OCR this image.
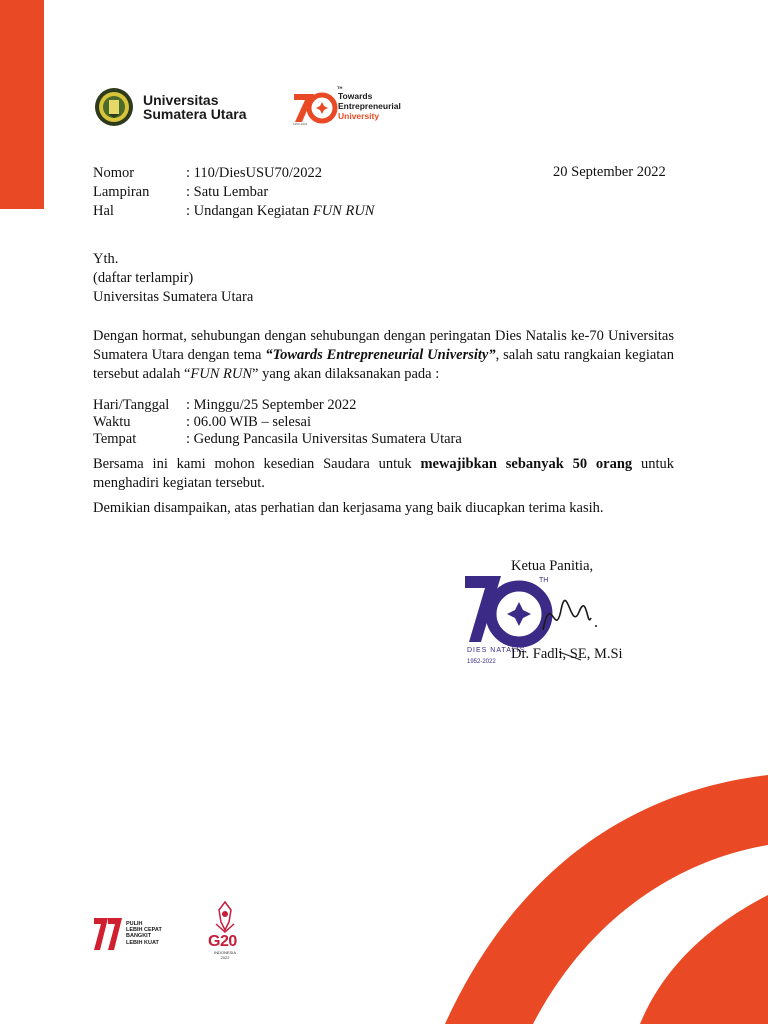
Universitas
Sumatera Utara
TH
Towards
Entrepreneurial
University
1952-2022
Nomor	: 110/DiesUSU70/2022
Lampiran	: Satu Lembar
Hal	: Undangan Kegiatan FUN RUN
20 September 2022
Yth.
(daftar terlampir)
Universitas Sumatera Utara
Dengan hormat, sehubungan dengan sehubungan dengan peringatan Dies Natalis ke-70 Universitas Sumatera Utara dengan tema “Towards Entrepreneurial University”, salah satu rangkaian kegiatan tersebut adalah “FUN RUN” yang akan dilaksanakan pada :
Hari/Tanggal : Minggu/25 September 2022
Waktu	: 06.00 WIB – selesai
Tempat	: Gedung Pancasila Universitas Sumatera Utara
Bersama ini kami mohon kesedian Saudara untuk mewajibkan sebanyak 50 orang untuk menghadiri kegiatan tersebut.
Demikian disampaikan, atas perhatian dan kerjasama yang baik diucapkan terima kasih.
TH
DIES NATALIS
1952-2022
Ketua Panitia,
Dr. Fadli, SE, M.Si
PULIH
LEBIH CEPAT
BANGKIT
LEBIH KUAT	G20
INDONESIA
2022
